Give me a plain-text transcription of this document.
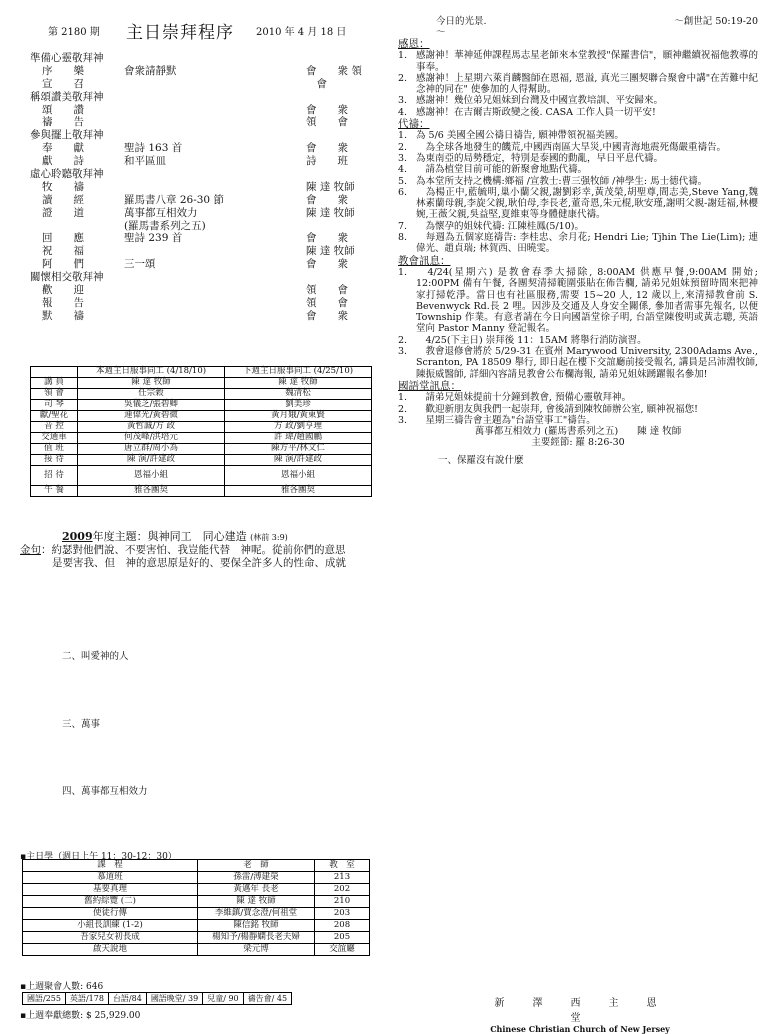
第 2180 期 主日崇拜程序 2010 年 4 月 18 日
準備心靈敬拜神
序　　樂	會衆請靜默	會　　衆 領
宣　　召	　會
稱頌讚美敬拜神
頌　　讚	會　　衆
禱　　告	領　　會
參與擺上敬拜神
奉　　獻	聖詩 163 首	會　　衆
獻　　詩	和平區皿	詩　　班
虛心聆聽敬拜神
牧　　禱	陳 達 牧師
讀　　經	羅馬書八章 26-30 節	會　　衆
證　　道	萬事都互相效力	陳 達 牧師
(羅馬書系列之五)
回　　應	聖詩 239 首	會　　衆
祝　　福	陳 達 牧師
阿　　們	三一頌	會　　衆
關懷相交敬拜神
歡　　迎	領　　會
報　　告	領　　會
默　　禱	會　　衆
	本週主日服事同工 (4/18/10)	下週主日服事同工 (4/25/10)
講 員	陳 達 牧師	陳 達 牧師
領 會	任宗穀	魏清松
司 琴	吳儀芝/張碧卿	劉美珍
獻/聖花	連偉光/黃碧微	黃月娥/黃東賢
音 控	黃哲誠/方 政	方 政/劉亨理
交通車	何茂峰/洪培元	許 瑋/趙國鵬
值 班	唐立群/周小為	陳方平/林文仁
接 待	陳 演/許建政	陳 演/許建政
招 待	恩福小組	恩福小組
午 餐	雅各團契	雅各團契
2009年度主題：與神同工　同心建造 (林前 3:9)
金句：約瑟對他們說、不要害怕、我豈能代替　神呢。從前你們的意思
是要害我、但　神的意思原是好的、要保全許多人的性命、成就
二、叫愛神的人
三、萬事
四、萬事都互相效力
▪主日學（週日上午 11：30-12：30）
課　程	老　師	教　室
慕道班	孫雷/溥建榮	213
基要真理	黃邁年 長老	202
舊約綜覽 (二)	陳 達 牧師	210
使徒行傳	李維鎮/賈念澄/何祖堂	203
小組長訓練 (1-2)	陳信銘 牧師	208
吾家兒女初長成	楊知予/楊靜嫻長老夫婦	205
啟天說地	梁元博	交誼廳
▪上週聚會人數: 646
國語/255	英語/178	台語/84	國語晚堂/ 39	兒童/ 90	禱告會/ 45
▪上週奉獻總數: $ 25,929.00

今日的光景.	～創世記 50:19-20

～

感恩：

1. 感謝神！華神延伸課程馬志星老師來本堂教授"保羅書信"，願神繼續祝福他教導的事奉。

2. 感謝神！上星期六萊肖麟醫師在恩福, 恩溢, 真光三團契聯合聚會中講"在苦難中紀念神的同在" 使參加的人得幫助。

3. 感謝神！幾位弟兄姐妹到台灣及中國宣教培訓、平安歸來。

4. 感謝神！在吉爾吉斯政變之後. CASA 工作人員一切平安!

代禱：

1. 為 5/6 美國全國公禱日禱告, 願神帶領祝福美國。

2. 　為全球各地發生的饑荒,中國西南區大旱災,中國青海地震死傷嚴重禱告。

3. 為東南亞的局勢穩定，特別是泰國的動亂，早日平息代禱。

4. 　請為植堂目前可能的新聚會地點代禱。

5. 為本堂所支持之機構:鄉福 /宣教士:曹三强牧師 /神學生: 馬士德代禱。

6. 　為楊正中,藍毓明,巢小蘭父親,謝劉彩幸,黃茂榮,胡聖尊,間志美,Steve Yang,魏林素蘭母親,李旋父親,耿伯母,李長老,董奇恩,朱元棍,耿安瑾,謝明父親-謝廷福,林櫻婉,王薇父親,吳益堅,夏維東等身體健康代禱。

7. 　為懷孕的姐妹代禱: 江陳桂鳳(5/10)。

8. 　每週為五個家庭禱告: 李桂忠、余月花; Hendri Lie; Tjhin The Lie(Lim); 連偉光、趙貞瑞; 林賀西、田曉雯。

教會訊息：

1. 　4/24(星期六) 是教會春季大掃除, 8:00AM 供應早餐,9:00AM 開始; 12:00PM 備有午餐, 各團契清掃範圍張貼在佈告欄, 請弟兄姐妹預留時間來把神家打掃乾淨。當日也有社區服務,需要 15~20 人, 12 歲以上,來清掃教會前 S. Bevenwyck Rd.長 2 哩。因涉及交通及人身安全關係, 參加者需事先報名, 以便 Township 作業。有意者請在今日向國語堂徐子明, 台語堂陳俊明或黃志聰, 英語堂向 Pastor Manny 登記報名。

2. 　4/25(下主日) 崇拜後 11：15AM 將舉行消防演習。

3. 　教會退修會將於 5/29-31 在賓州 Marywood University, 2300Adams Ave., Scranton, PA 18509 舉行, 即日起在樓下交誼廳前接受報名, 講員是呂沛淵牧師, 陳振威醫師, 詳細內容請見教會公布欄海報, 請弟兄姐妹踴躍報名參加!

國語堂訊息：

1. 　請弟兄姐妹提前十分鐘到教會, 預備心靈敬拜神。

2. 　歡迎新朋友與我們一起崇拜, 會後請到陳牧師辦公室, 願神祝福您!

3. 　星期三禱告會主題為"台語堂事工"禱告。

萬事都互相效力 (羅馬書系列之五)　　陳 達 牧師

主要經節: 羅 8:26-30

一、保羅沒有說什麼

新　澤　西　主　恩　堂
Chinese Christian Church of New Jersey
